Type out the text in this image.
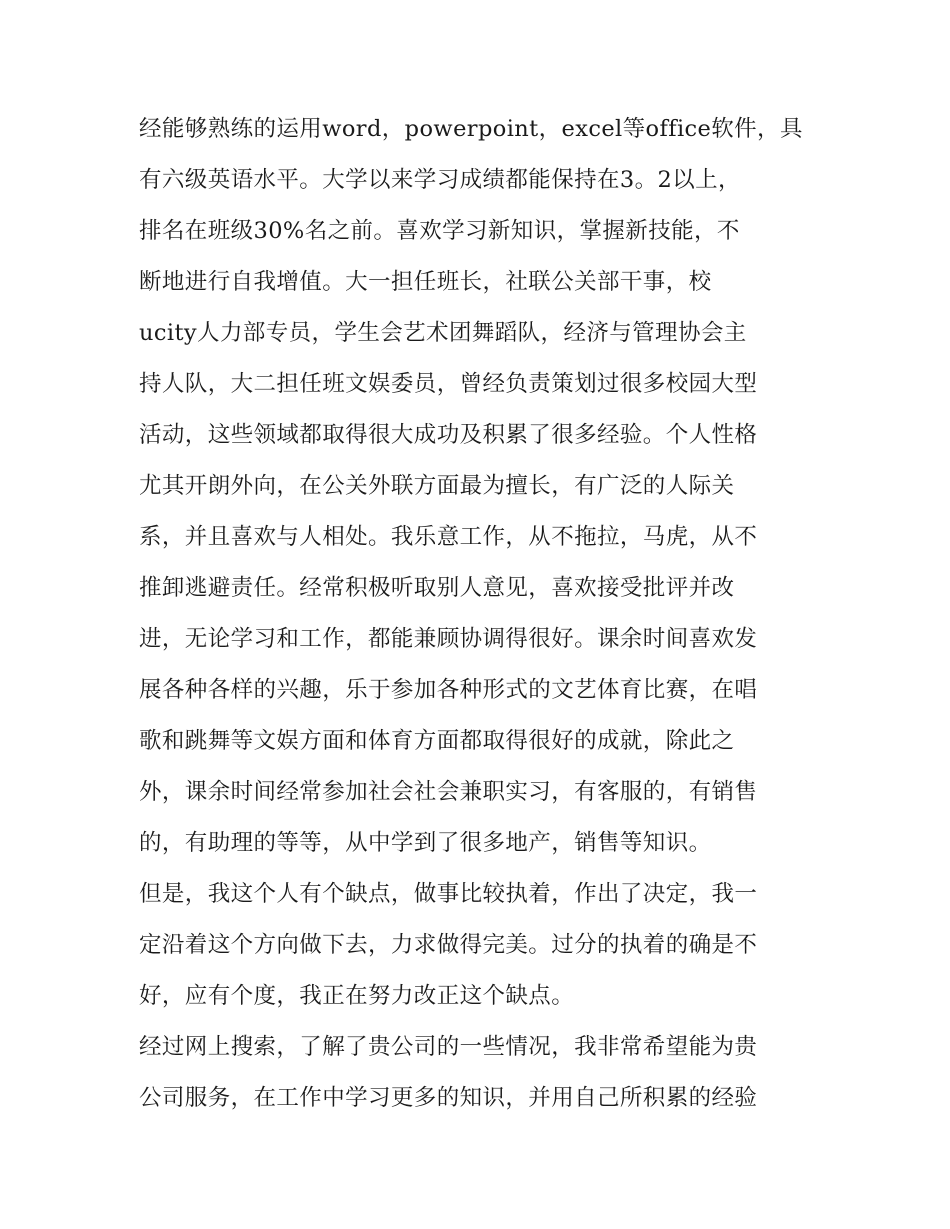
经能够熟练的运用word，powerpoint，excel等office软件，具
有六级英语水平。大学以来学习成绩都能保持在3。2以上，
排名在班级30%名之前。喜欢学习新知识，掌握新技能，不
断地进行自我增值。大一担任班长，社联公关部干事，校
ucity人力部专员，学生会艺术团舞蹈队，经济与管理协会主
持人队，大二担任班文娱委员，曾经负责策划过很多校园大型
活动，这些领域都取得很大成功及积累了很多经验。个人性格
尤其开朗外向，在公关外联方面最为擅长，有广泛的人际关
系，并且喜欢与人相处。我乐意工作，从不拖拉，马虎，从不
推卸逃避责任。经常积极听取别人意见，喜欢接受批评并改
进，无论学习和工作，都能兼顾协调得很好。课余时间喜欢发
展各种各样的兴趣，乐于参加各种形式的文艺体育比赛，在唱
歌和跳舞等文娱方面和体育方面都取得很好的成就，除此之
外，课余时间经常参加社会社会兼职实习，有客服的，有销售
的，有助理的等等，从中学到了很多地产，销售等知识。
但是，我这个人有个缺点，做事比较执着，作出了决定，我一
定沿着这个方向做下去，力求做得完美。过分的执着的确是不
好，应有个度，我正在努力改正这个缺点。
经过网上搜索，了解了贵公司的一些情况，我非常希望能为贵
公司服务，在工作中学习更多的知识，并用自己所积累的经验
